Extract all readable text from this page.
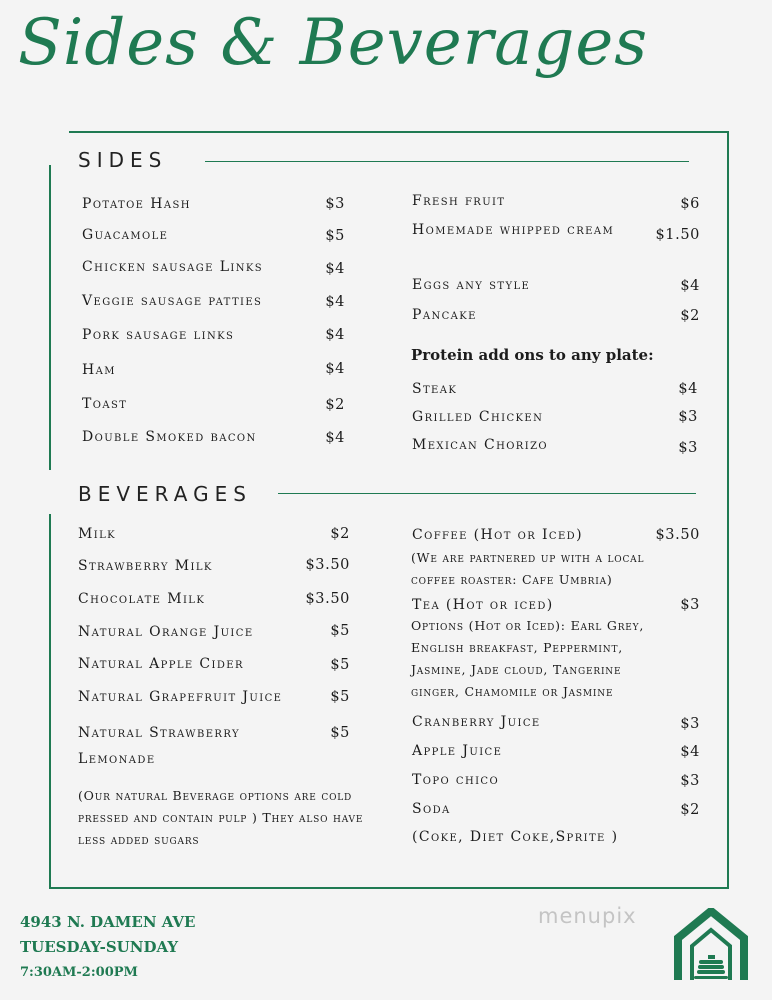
Sides & Beverages
SIDES
Potatoe Hash	$3
Guacamole	$5
Chicken sausage Links	$4
Veggie sausage patties	$4
Pork sausage links	$4
Ham	$4
Toast	$2
Double Smoked bacon	$4
Fresh fruit	$6
Homemade whipped cream	$1.50
Eggs any style	$4
Pancake	$2
Protein add ons to any plate:
Steak	$4
Grilled Chicken	$3
Mexican Chorizo	$3
BEVERAGES
Milk	$2
Strawberry Milk	$3.50
Chocolate Milk	$3.50
Natural Orange Juice	$5
Natural Apple Cider	$5
Natural Grapefruit Juice	$5
Natural Strawberry Lemonade
$5
(Our natural Beverage options are cold pressed and contain pulp ) They also have less added sugars
Coffee (Hot or Iced)	$3.50
(We are partnered up with a local coffee roaster: Cafe Umbria)
Tea (Hot or iced)	$3
Options (Hot or Iced): Earl Grey, English breakfast, Peppermint, Jasmine, Jade cloud, Tangerine ginger, Chamomile or Jasmine
Cranberry Juice	$3
Apple Juice	$4
Topo chico	$3
Soda	$2
(Coke, Diet Coke,Sprite )
4943 N. DAMEN AVE
TUESDAY-SUNDAY
7:30AM-2:00PM
menupix
